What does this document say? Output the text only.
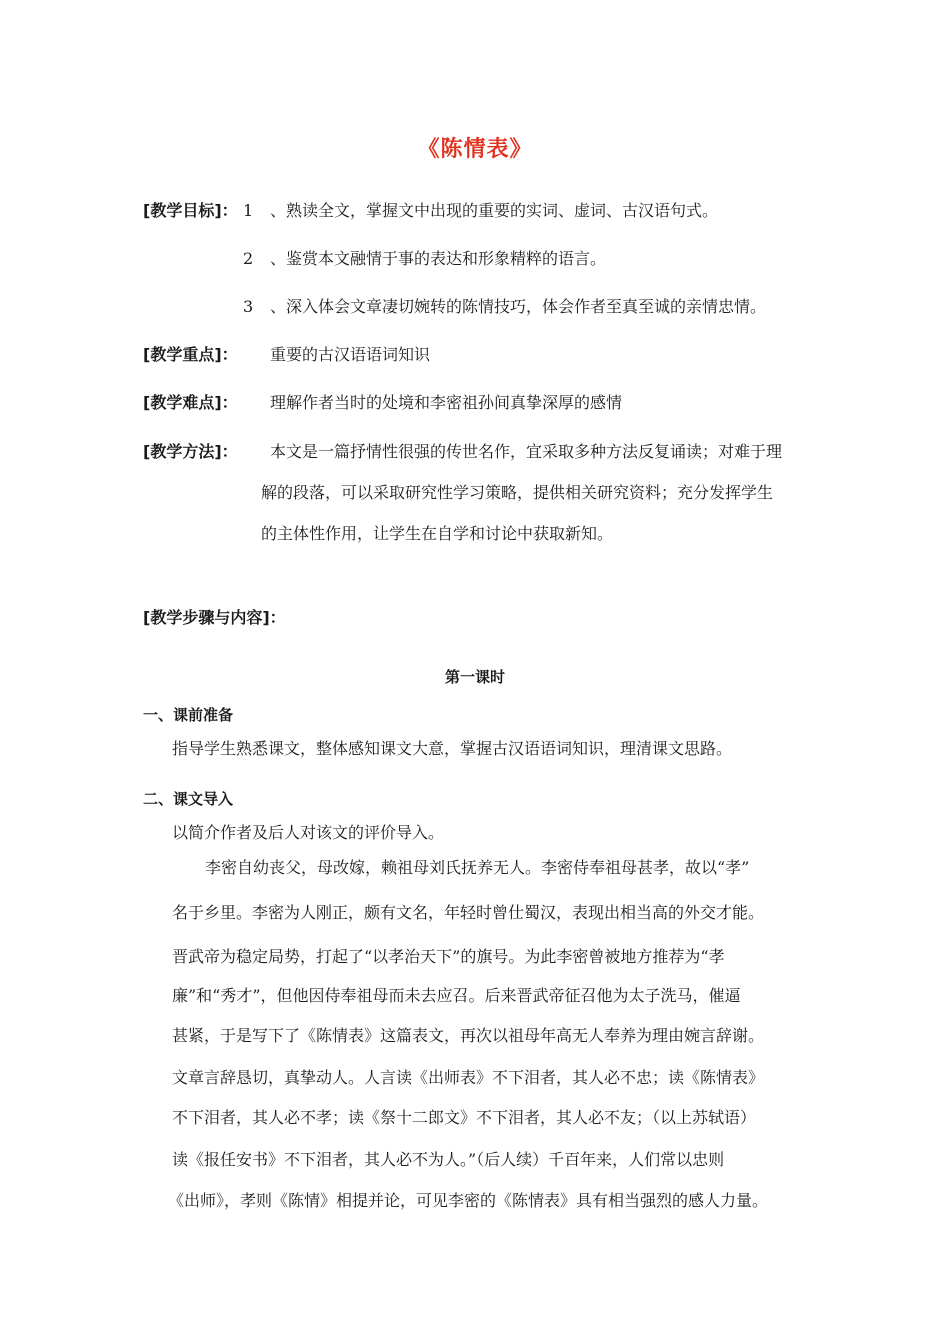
《陈情表》
[教学目标]： 1 、熟读全文，掌握文中出现的重要的实词、虚词、古汉语句式。
2 、鉴赏本文融情于事的表达和形象精粹的语言。
3 、深入体会文章凄切婉转的陈情技巧，体会作者至真至诚的亲情忠情。
[教学重点]： 重要的古汉语语词知识
[教学难点]： 理解作者当时的处境和李密祖孙间真挚深厚的感情
[教学方法]： 本文是一篇抒情性很强的传世名作，宜采取多种方法反复诵读；对难于理
解的段落，可以采取研究性学习策略，提供相关研究资料；充分发挥学生
的主体性作用，让学生在自学和讨论中获取新知。
[教学步骤与内容]：
第一课时
一、课前准备
指导学生熟悉课文，整体感知课文大意，掌握古汉语语词知识，理清课文思路。
二、课文导入
以简介作者及后人对该文的评价导入。
李密自幼丧父，母改嫁，赖祖母刘氏抚养无人。李密侍奉祖母甚孝，故以“孝”
名于乡里。李密为人刚正，颇有文名，年轻时曾仕蜀汉，表现出相当高的外交才能。
晋武帝为稳定局势，打起了“以孝治天下”的旗号。为此李密曾被地方推荐为“孝
廉”和“秀才”，但他因侍奉祖母而未去应召。后来晋武帝征召他为太子洗马，催逼
甚紧，于是写下了《陈情表》这篇表文，再次以祖母年高无人奉养为理由婉言辞谢。
文章言辞恳切，真挚动人。人言读《出师表》不下泪者，其人必不忠；读《陈情表》
不下泪者，其人必不孝；读《祭十二郎文》不下泪者，其人必不友；（以上苏轼语）
读《报任安书》不下泪者，其人必不为人。”（后人续）千百年来，人们常以忠则
《出师》，孝则《陈情》相提并论，可见李密的《陈情表》具有相当强烈的感人力量。
